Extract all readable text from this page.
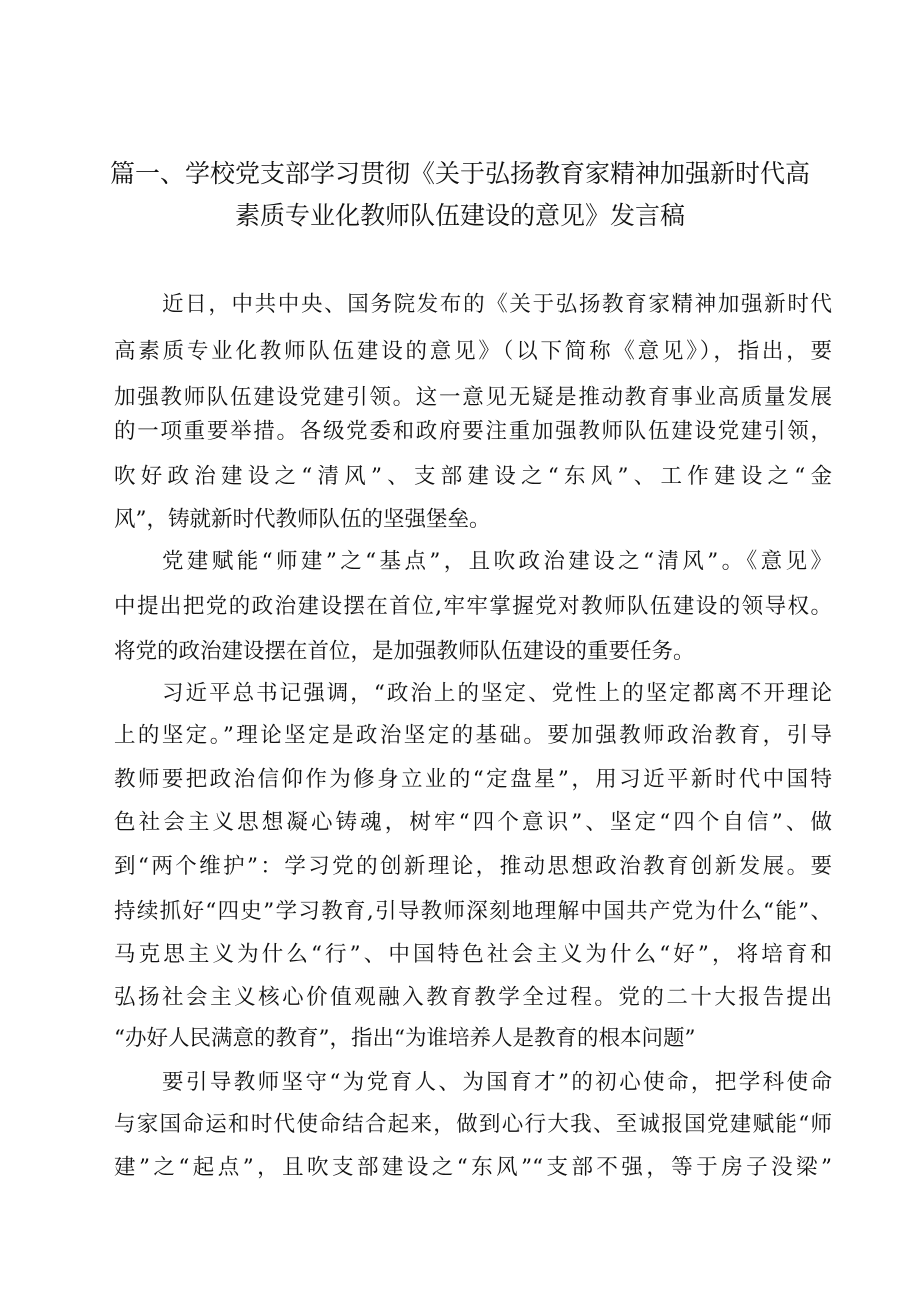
篇一、学校党支部学习贯彻《关于弘扬教育家精神加强新时代高
素质专业化教师队伍建设的意见》发言稿
近日，中共中央、国务院发布的《关于弘扬教育家精神加强新时代
高素质专业化教师队伍建设的意见》（以下简称《意见》），指出，要
加强教师队伍建设党建引领。这一意见无疑是推动教育事业高质量发展
的一项重要举措。各级党委和政府要注重加强教师队伍建设党建引领，
吹好政治建设之“清风”、支部建设之“东风”、工作建设之“金
风”，铸就新时代教师队伍的坚强堡垒。
党建赋能“师建”之“基点”，且吹政治建设之“清风”。《意见》
中提出把党的政治建设摆在首位,牢牢掌握党对教师队伍建设的领导权。
将党的政治建设摆在首位，是加强教师队伍建设的重要任务。
习近平总书记强调，“政治上的坚定、党性上的坚定都离不开理论
上的坚定。”理论坚定是政治坚定的基础。要加强教师政治教育，引导
教师要把政治信仰作为修身立业的“定盘星”，用习近平新时代中国特
色社会主义思想凝心铸魂，树牢“四个意识”、坚定“四个自信”、做
到“两个维护”：学习党的创新理论，推动思想政治教育创新发展。要
持续抓好“四史”学习教育,引导教师深刻地理解中国共产党为什么“能”、
马克思主义为什么“行”、中国特色社会主义为什么“好”，将培育和
弘扬社会主义核心价值观融入教育教学全过程。党的二十大报告提出
“办好人民满意的教育”，指出“为谁培养人是教育的根本问题”
要引导教师坚守“为党育人、为国育才”的初心使命，把学科使命
与家国命运和时代使命结合起来，做到心行大我、至诚报国党建赋能“师
建”之“起点”，且吹支部建设之“东风”“支部不强，等于房子没梁”
